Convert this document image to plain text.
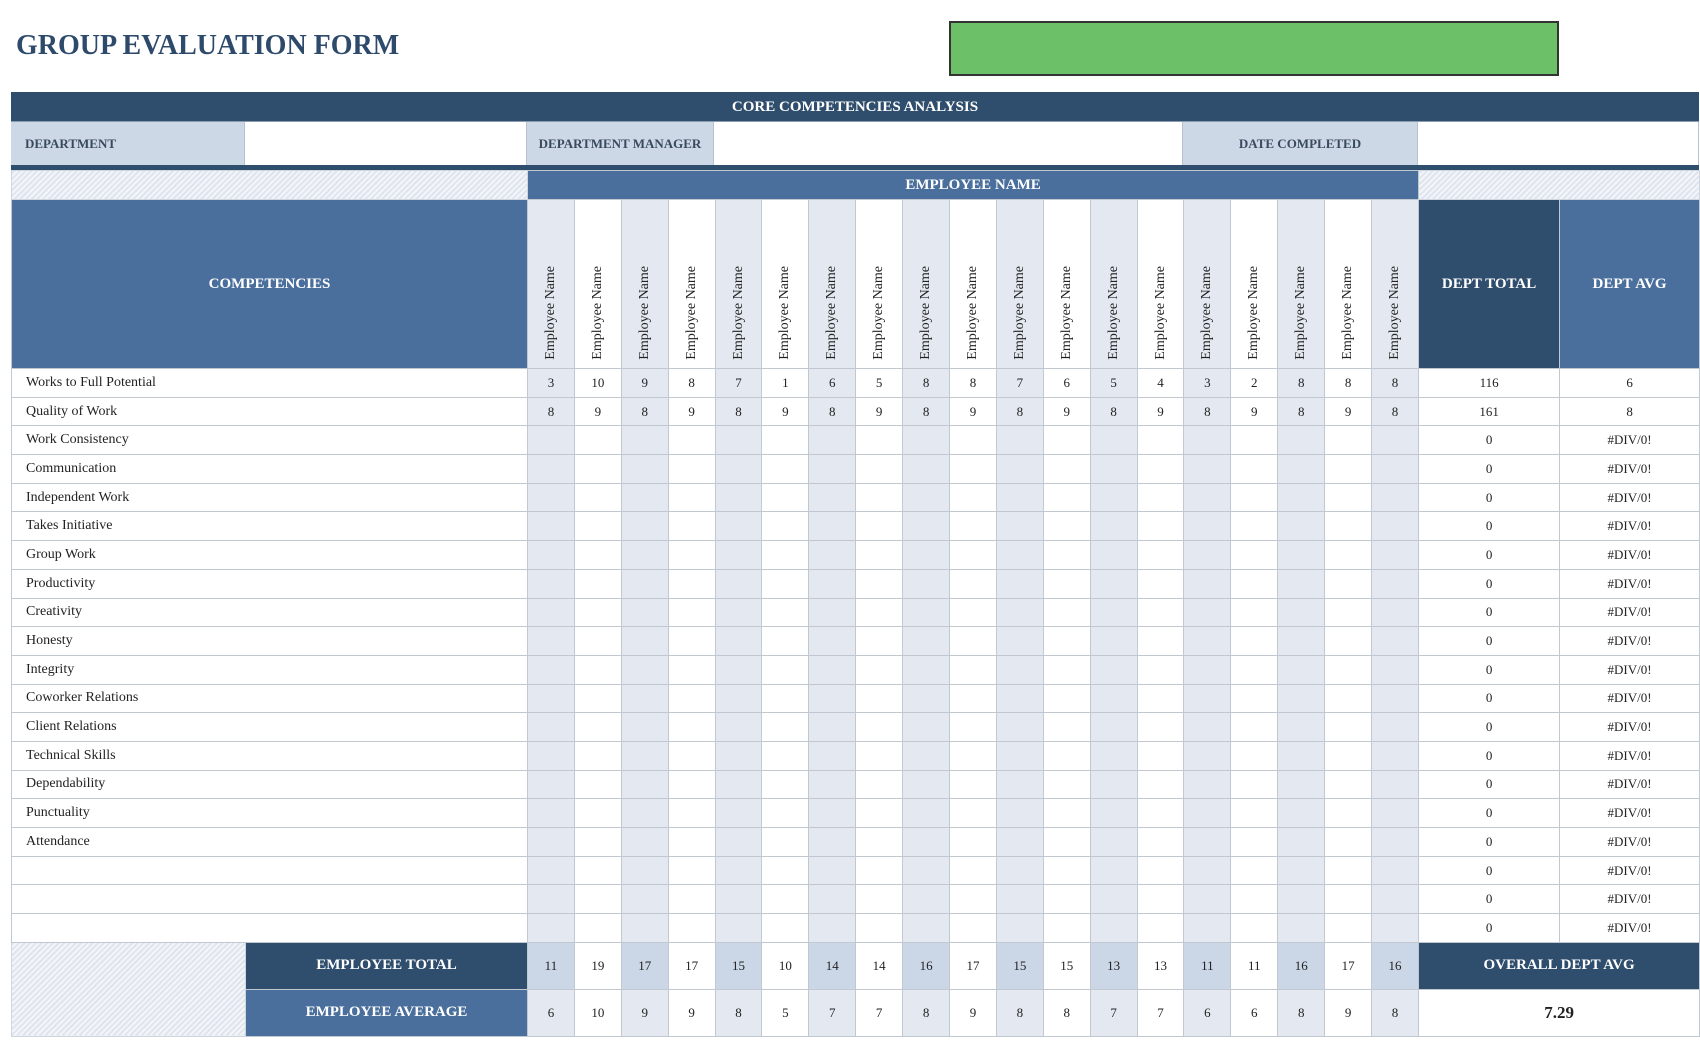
GROUP EVALUATION FORM
CORE COMPETENCIES ANALYSIS
DEPARTMENT	DEPARTMENT MANAGER	DATE COMPLETED
		EMPLOYEE NAME																				
		Employee Name	Employee Name	Employee Name	Employee Name	Employee Name	Employee Name	Employee Name	Employee Name	Employee Name	Employee Name	Employee Name	Employee Name	Employee Name	Employee Name	Employee Name	Employee Name	Employee Name	Employee Name	Employee Name		
COMPETENCIES																					DEPT TOTAL	DEPT AVG
Works to Full Potential		3	10	9	8	7	1	6	5	8	8	7	6	5	4	3	2	8	8	8	116	6
Quality of Work		8	9	8	9	8	9	8	9	8	9	8	9	8	9	8	9	8	9	8	161	8
Work Consistency																					0	#DIV/0!
Communication																					0	#DIV/0!
Independent Work																					0	#DIV/0!
Takes Initiative																					0	#DIV/0!
Group Work																					0	#DIV/0!
Productivity																					0	#DIV/0!
Creativity																					0	#DIV/0!
Honesty																					0	#DIV/0!
Integrity																					0	#DIV/0!
Coworker Relations																					0	#DIV/0!
Client Relations																					0	#DIV/0!
Technical Skills																					0	#DIV/0!
Dependability																					0	#DIV/0!
Punctuality																					0	#DIV/0!
Attendance																					0	#DIV/0!
																					0	#DIV/0!
																					0	#DIV/0!
																					0	#DIV/0!
	EMPLOYEE TOTAL	11	19	17	17	15	10	14	14	16	17	15	15	13	13	11	11	16	17	16	OVERALL DEPT AVG	
	EMPLOYEE AVERAGE	6	10	9	9	8	5	7	7	8	9	8	8	7	7	6	6	8	9	8	7.29	
